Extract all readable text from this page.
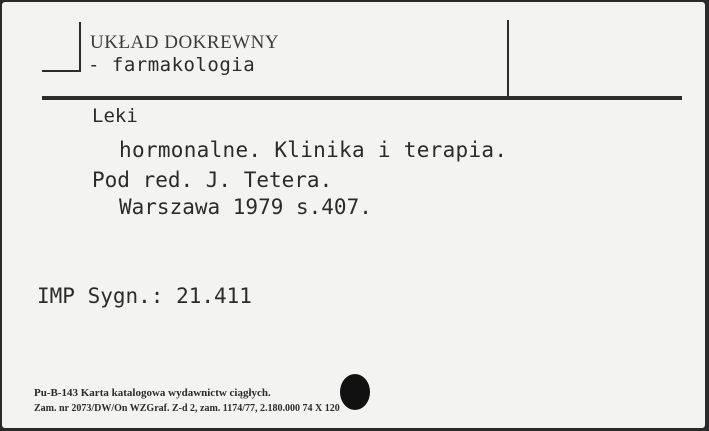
UKŁAD DOKREWNY
- farmakologia
Leki
hormonalne. Klinika i terapia.
Pod red. J. Tetera.
Warszawa 1979 s.407.
IMP Sygn.: 21.411
Pu-B-143 Karta katalogowa wydawnictw ciągłych.
Zam. nr 2073/DW/On WZGraf. Z-d 2, zam. 1174/77, 2.180.000 74 X 120
